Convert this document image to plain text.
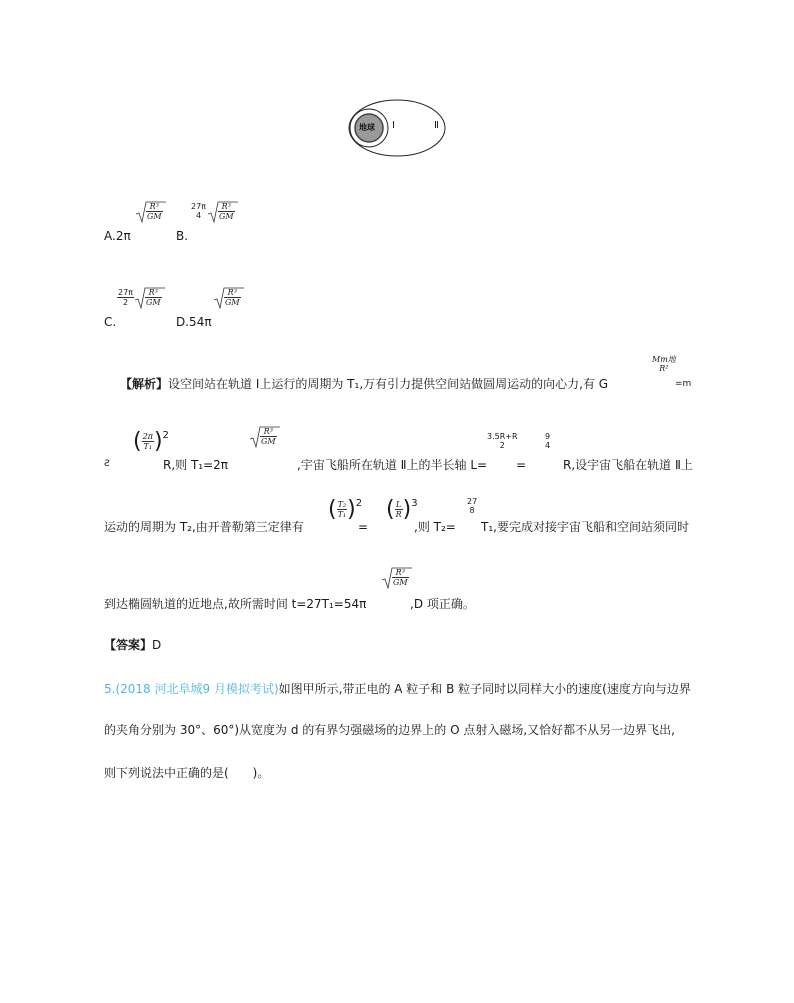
地球 Ⅰ	Ⅱ
A.2π
$\frac{\text{R³}}{GM}$
B.
27π
4	$\frac{\text{R³}}{GM}$
C.
$\frac{27\pi}{2} \frac{\text{R³}}{GM}$
D.54π
$\frac{\text{R³}}{GM}$
【解析】设空间站在轨道 Ⅰ上运行的周期为 T₁,万有引力提供空间站做圆周运动的向心力,有 G
Mm地
R²
=m
Ƨ
( $\frac{2\pi}{\text{T₁}} )^2$
R,则 T₁=2π
$\frac{\text{R³}}{GM}$
,宇宙飞船所在轨道 Ⅱ上的半长轴 L=
3.5R+R
2
=
9
4
R,设宇宙飞船在轨道 Ⅱ上
运动的周期为 T₂,由开普勒第三定律有
( $\frac{\text{T₂}}{\text{T₁}} )^2$
=
( $\frac{L}{R} )^3$
,则 T₂=
27
8
T₁,要完成对接宇宙飞船和空间站须同时
到达椭圆轨道的近地点,故所需时间 t=27T₁=54π
$\frac{\text{R³}}{GM}$
,D 项正确。
【答案】D
5.(2018 河北阜城9 月模拟考试)如图甲所示,带正电的 A 粒子和 B 粒子同时以同样大小的速度(速度方向与边界
的夹角分别为 30°、60°)从宽度为 d 的有界匀强磁场的边界上的 O 点射入磁场,又恰好都不从另一边界飞出,
则下列说法中正确的是(　　)。
